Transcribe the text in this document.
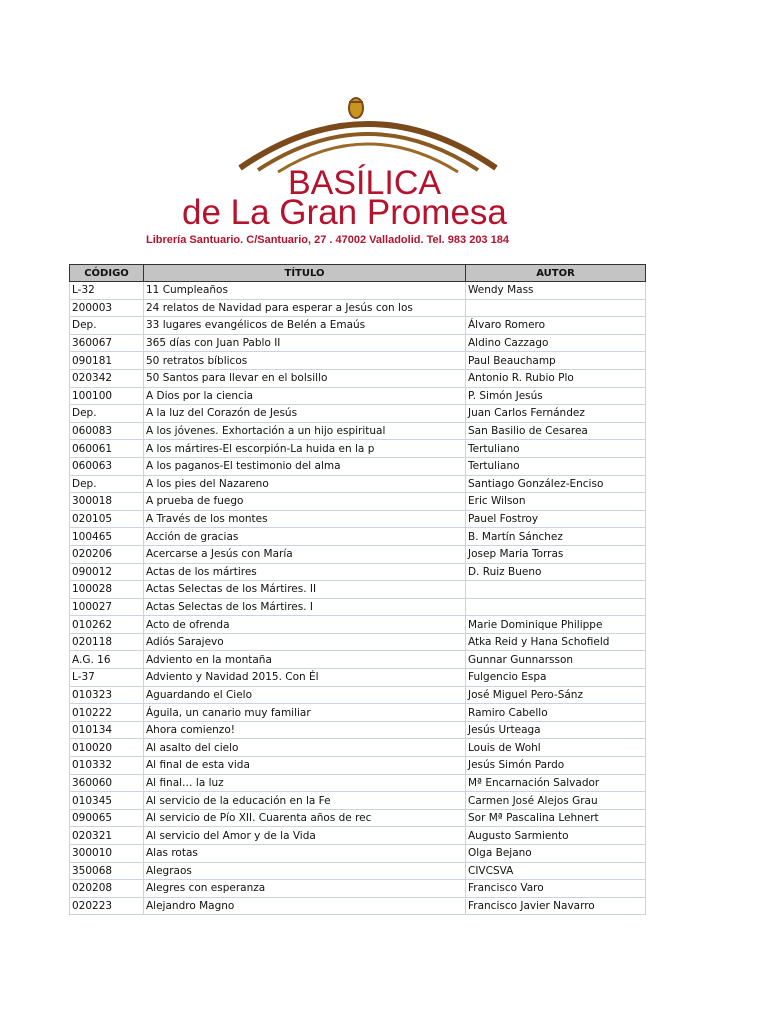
BASÍLICA
de La Gran Promesa
Librería Santuario. C/Santuario, 27 . 47002 Valladolid. Tel. 983 203 184
CÓDIGO	TÍTULO	AUTOR
L-32	11 Cumpleaños	Wendy Mass
200003	24 relatos de Navidad para esperar a Jesús con los	
Dep.	33 lugares evangélicos de Belén a Emaús	Álvaro Romero
360067	365 días con Juan Pablo II	Aldino Cazzago
090181	50 retratos bíblicos	Paul Beauchamp
020342	50 Santos para llevar en el bolsillo	Antonio R. Rubio Plo
100100	A Dios por la ciencia	P. Simón Jesús
Dep.	A la luz del Corazón de Jesús	Juan Carlos Fernández
060083	A los jóvenes. Exhortación a un hijo espiritual	San Basilio de Cesarea
060061	A los mártires-El escorpión-La huida en la p	Tertuliano
060063	A los paganos-El testimonio del alma	Tertuliano
Dep.	A los pies del Nazareno	Santiago González-Enciso
300018	A prueba de fuego	Eric Wilson
020105	A Través de los montes	Pauel Fostroy
100465	Acción de gracias	B. Martín Sánchez
020206	Acercarse a Jesús con María	Josep Maria Torras
090012	Actas de los mártires	D. Ruiz Bueno
100028	Actas Selectas de los Mártires. II	
100027	Actas Selectas de los Mártires. I	
010262	Acto de ofrenda	Marie Dominique Philippe
020118	Adiós Sarajevo	Atka Reid y Hana Schofield
A.G. 16	Adviento en la montaña	Gunnar Gunnarsson
L-37	Adviento y Navidad 2015. Con Él	Fulgencio Espa
010323	Aguardando el Cielo	José Miguel Pero-Sánz
010222	Águila, un canario muy familiar	Ramiro Cabello
010134	Ahora comienzo!	Jesús Urteaga
010020	Al asalto del cielo	Louis de Wohl
010332	Al final de esta vida	Jesús Simón Pardo
360060	Al final… la luz	Mª Encarnación Salvador
010345	Al servicio de la educación en la Fe	Carmen José Alejos Grau
090065	Al servicio de Pío XII. Cuarenta años de rec	Sor Mª Pascalina Lehnert
020321	Al servicio del Amor y de la Vida	Augusto Sarmiento
300010	Alas rotas	Olga Bejano
350068	Alegraos	CIVCSVA
020208	Alegres con esperanza	Francisco Varo
020223	Alejandro Magno	Francisco Javier Navarro
